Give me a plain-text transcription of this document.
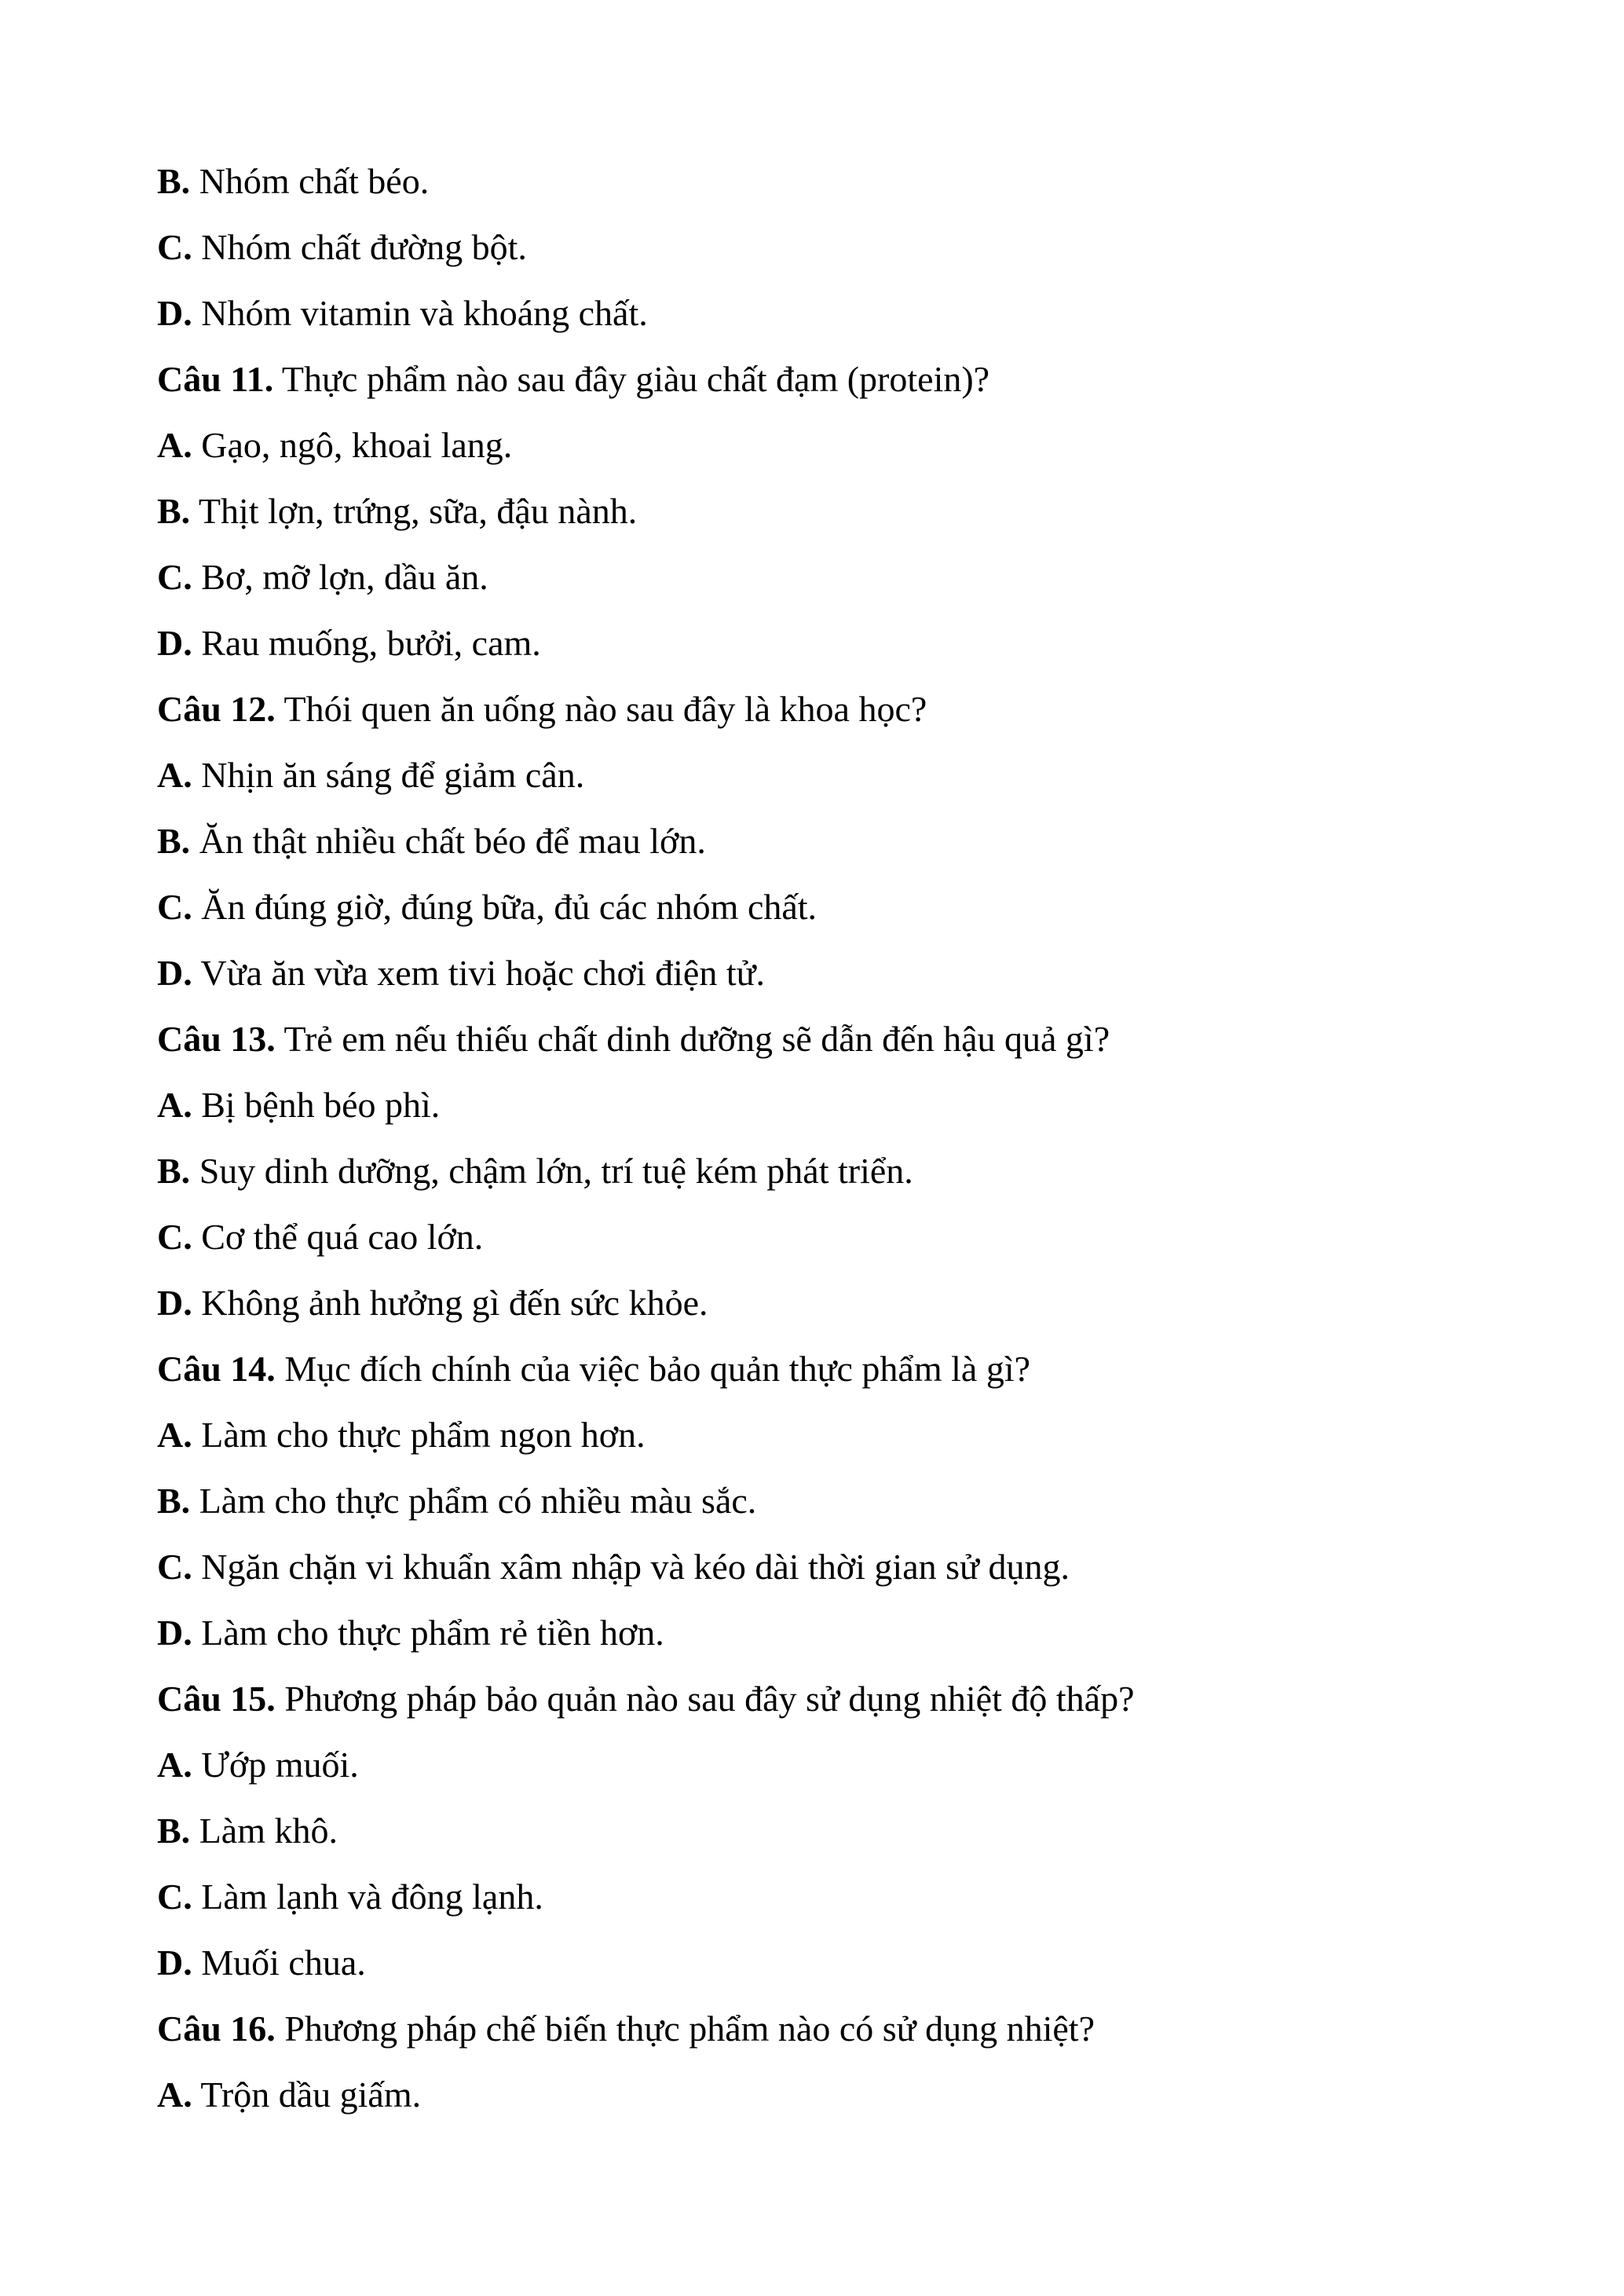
B. Nhóm chất béo.
C. Nhóm chất đường bột.
D. Nhóm vitamin và khoáng chất.
Câu 11. Thực phẩm nào sau đây giàu chất đạm (protein)?
A. Gạo, ngô, khoai lang.
B. Thịt lợn, trứng, sữa, đậu nành.
C. Bơ, mỡ lợn, dầu ăn.
D. Rau muống, bưởi, cam.
Câu 12. Thói quen ăn uống nào sau đây là khoa học?
A. Nhịn ăn sáng để giảm cân.
B. Ăn thật nhiều chất béo để mau lớn.
C. Ăn đúng giờ, đúng bữa, đủ các nhóm chất.
D. Vừa ăn vừa xem tivi hoặc chơi điện tử.
Câu 13. Trẻ em nếu thiếu chất dinh dưỡng sẽ dẫn đến hậu quả gì?
A. Bị bệnh béo phì.
B. Suy dinh dưỡng, chậm lớn, trí tuệ kém phát triển.
C. Cơ thể quá cao lớn.
D. Không ảnh hưởng gì đến sức khỏe.
Câu 14. Mục đích chính của việc bảo quản thực phẩm là gì?
A. Làm cho thực phẩm ngon hơn.
B. Làm cho thực phẩm có nhiều màu sắc.
C. Ngăn chặn vi khuẩn xâm nhập và kéo dài thời gian sử dụng.
D. Làm cho thực phẩm rẻ tiền hơn.
Câu 15. Phương pháp bảo quản nào sau đây sử dụng nhiệt độ thấp?
A. Ướp muối.
B. Làm khô.
C. Làm lạnh và đông lạnh.
D. Muối chua.
Câu 16. Phương pháp chế biến thực phẩm nào có sử dụng nhiệt?
A. Trộn dầu giấm.
